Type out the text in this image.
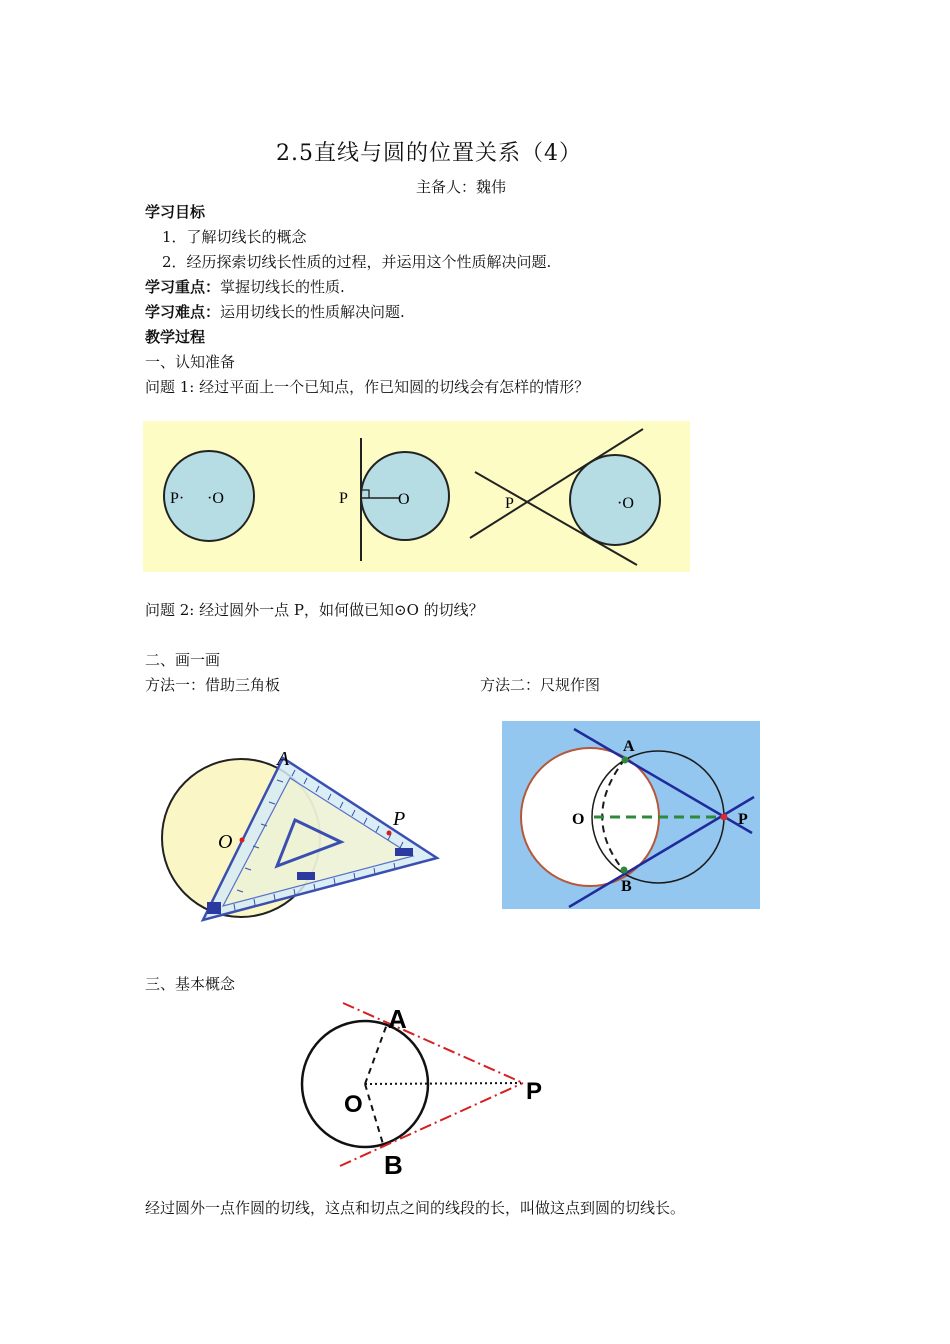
2.5直线与圆的位置关系（4）
主备人：魏伟
学习目标
1．了解切线长的概念
2．经历探索切线长性质的过程，并运用这个性质解决问题.
学习重点：掌握切线长的性质.
学习难点：运用切线长的性质解决问题.
教学过程
一、认知准备
问题 1: 经过平面上一个已知点，作已知圆的切线会有怎样的情形？
P· ·O	P	O	P	·O
问题 2: 经过圆外一点 P，如何做已知⊙O 的切线？
二、画一画
方法一：借助三角板	方法二：尺规作图
A
P
O
A
O	P
B
三、基本概念
A
P
O
B
经过圆外一点作圆的切线，这点和切点之间的线段的长，叫做这点到圆的切线长。
